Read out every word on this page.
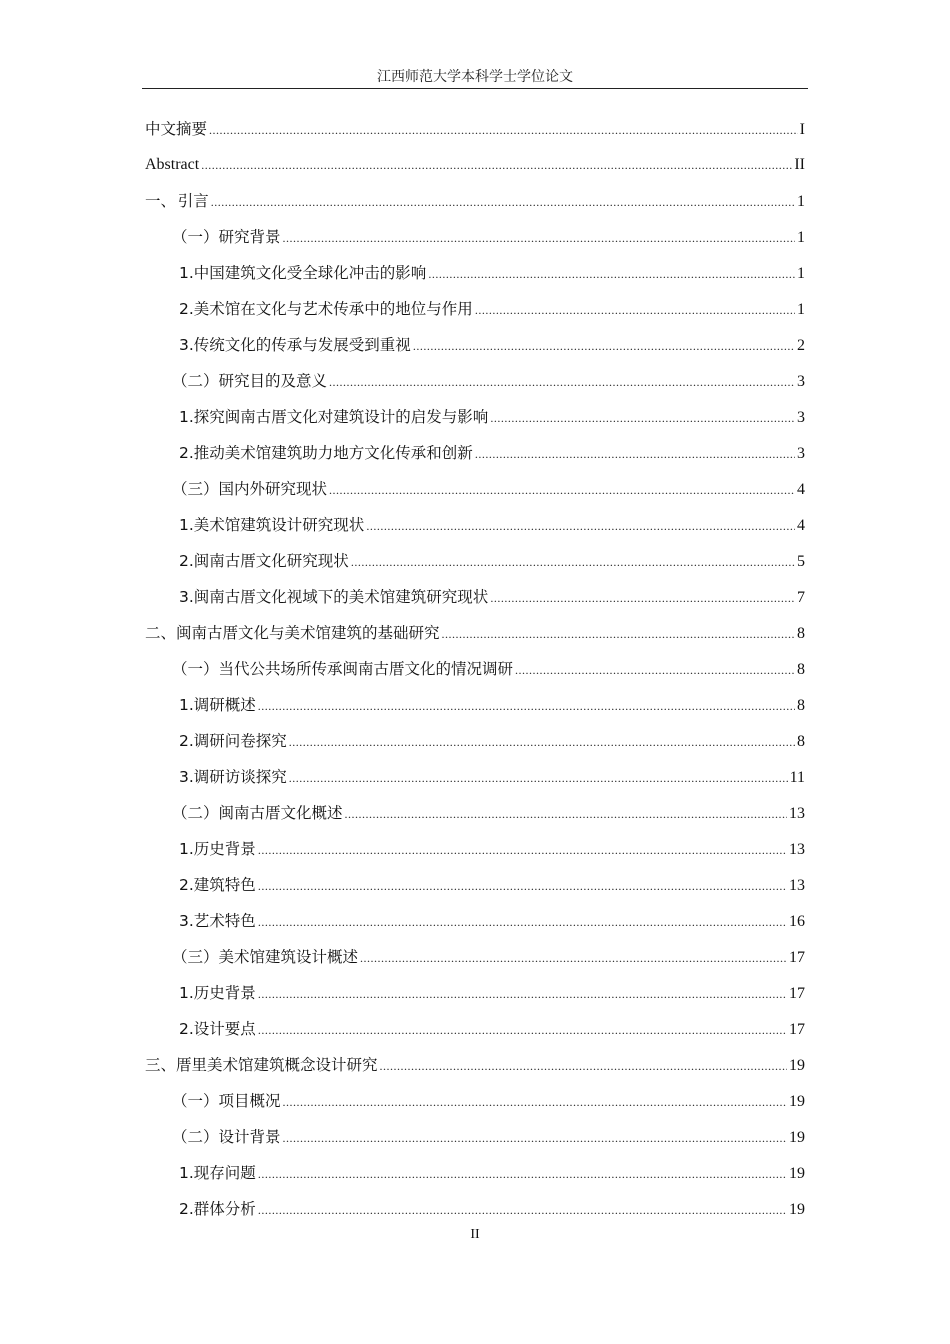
江西师范大学本科学士学位论文
中文摘要 .....	I
Abstract .....	II
一、 引言 .....	1
（一） 研究背景 .....	1
1. 中国建筑文化受全球化冲击的影响 .....	1
2. 美术馆在文化与艺术传承中的地位与作用 .....	1
3. 传统文化的传承与发展受到重视 .....	2
（二） 研究目的及意义 .....	3
1. 探究闽南古厝文化对建筑设计的启发与影响 .....	3
2. 推动美术馆建筑助力地方文化传承和创新 .....	3
（三） 国内外研究现状 .....	4
1. 美术馆建筑设计研究现状 .....	4
2. 闽南古厝文化研究现状 .....	5
3. 闽南古厝文化视域下的美术馆建筑研究现状 .....	7
二、 闽南古厝文化与美术馆建筑的基础研究 .....	8
（一）当代公共场所传承闽南古厝文化的情况调研 .....	8
1.调研概述 .....	8
2.调研问卷探究 .....	8
3.调研访谈探究 .....	11
（二）闽南古厝文化概述 .....	13
1. 历史背景 .....	13
2. 建筑特色 .....	13
3. 艺术特色 .....	16
（三）美术馆建筑设计概述 .....	17
1. 历史背景 .....	17
2. 设计要点 .....	17
三、 厝里美术馆建筑概念设计研究 .....	19
（一） 项目概况 .....	19
（二） 设计背景 .....	19
1. 现存问题 .....	19
2. 群体分析 .....	19
II
